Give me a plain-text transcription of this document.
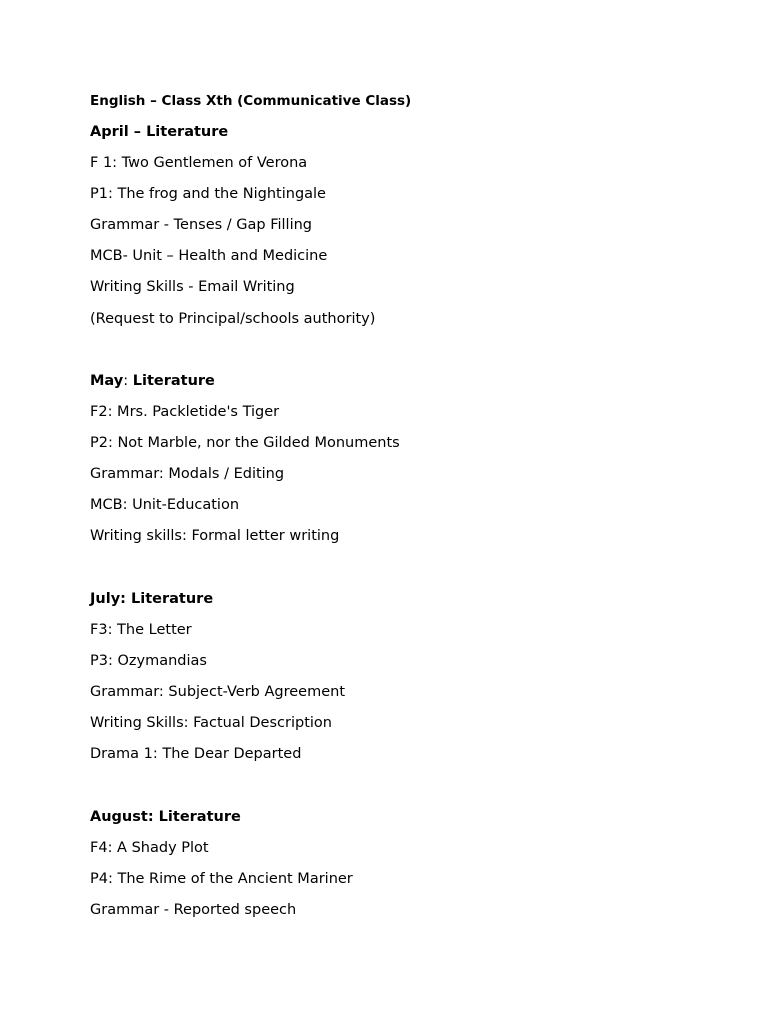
English – Class Xth (Communicative Class)
April – Literature
F 1: Two Gentlemen of Verona
P1: The frog and the Nightingale
Grammar - Tenses / Gap Filling
MCB- Unit – Health and Medicine
Writing Skills - Email Writing
(Request to Principal/schools authority)
May: Literature
F2: Mrs. Packletide's Tiger
P2: Not Marble, nor the Gilded Monuments
Grammar: Modals / Editing
MCB: Unit-Education
Writing skills: Formal letter writing
July: Literature
F3: The Letter
P3: Ozymandias
Grammar: Subject-Verb Agreement
Writing Skills: Factual Description
Drama 1: The Dear Departed
August: Literature
F4: A Shady Plot
P4: The Rime of the Ancient Mariner
Grammar - Reported speech
